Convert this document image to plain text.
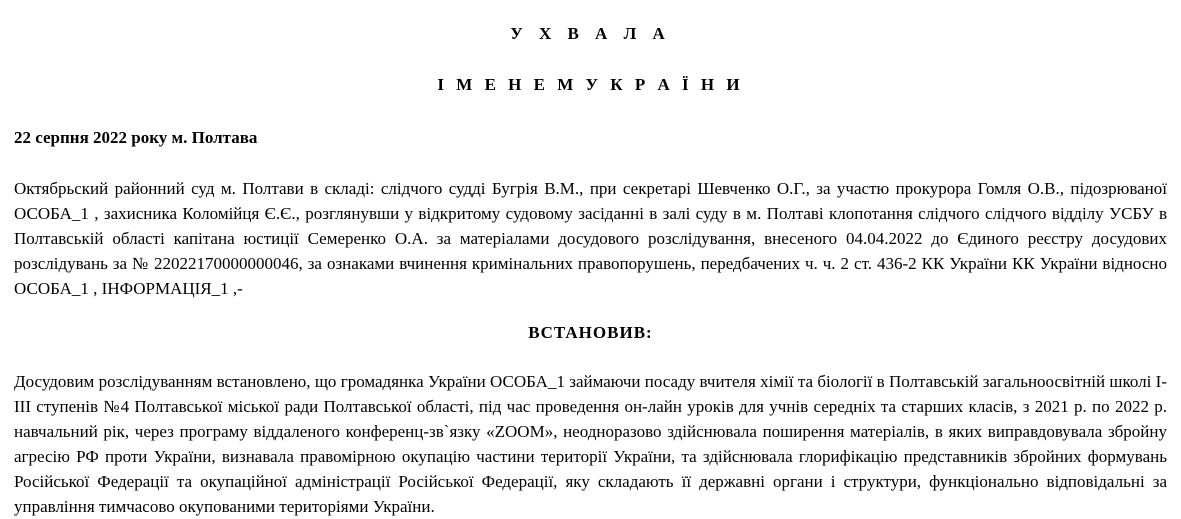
У Х В А Л А
І М Е Н Е М У К Р А Ї Н И
22 серпня 2022 року м. Полтава
Октябрьский районний суд м. Полтави в складі: слідчого судді Бугрія В.М., при секретарі Шевченко О.Г., за участю прокурора Гомля О.В., підозрюваної ОСОБА_1 , захисника Коломійця Є.Є., розглянувши у відкритому судовому засіданні в залі суду в м. Полтаві клопотання слідчого слідчого відділу УСБУ в Полтавській області капітана юстиції Семеренко О.А. за матеріалами досудового розслідування, внесеного 04.04.2022 до Єдиного реєстру досудових розслідувань за № 22022170000000046, за ознаками вчинення кримінальних правопорушень, передбачених ч. ч. 2 ст. 436-2 КК України КК України відносно ОСОБА_1 , ІНФОРМАЦІЯ_1 ,-
ВСТАНОВИВ:
Досудовим розслідуванням встановлено, що громадянка України ОСОБА_1 займаючи посаду вчителя хімії та біології в Полтавській загальноосвітній школі І-ІІІ ступенів №4 Полтавської міської ради Полтавської області, під час проведення он-лайн уроків для учнів середніх та старших класів, з 2021 р. по 2022 р. навчальний рік, через програму віддаленого конференц-зв`язку «ZOOM», неодноразово здійснювала поширення матеріалів, в яких виправдовувала збройну агресію РФ проти України, визнавала правомірною окупацію частини території України, та здійснювала глорифікацію представників збройних формувань Російської Федерації та окупаційної адміністрації Російської Федерації, яку складають її державні органи і структури, функціонально відповідальні за управління тимчасово окупованими територіями України.
